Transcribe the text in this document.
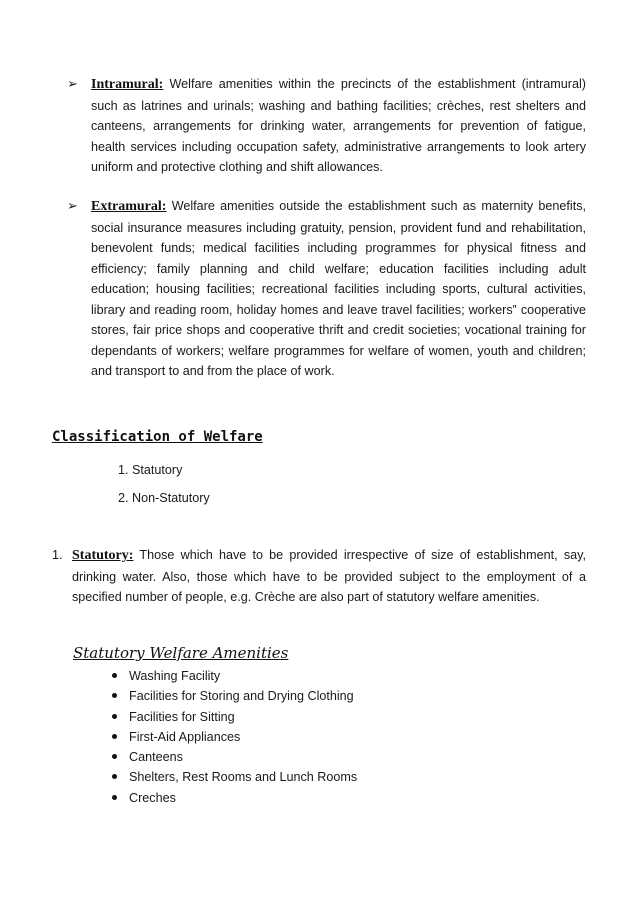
➢ Intramural: Welfare amenities within the precincts of the establishment (intramural) such as latrines and urinals; washing and bathing facilities; crèches, rest shelters and canteens, arrangements for drinking water, arrangements for prevention of fatigue, health services including occupation safety, administrative arrangements to look artery uniform and protective clothing and shift allowances.
➢ Extramural: Welfare amenities outside the establishment such as maternity benefits, social insurance measures including gratuity, pension, provident fund and rehabilitation, benevolent funds; medical facilities including programmes for physical fitness and efficiency; family planning and child welfare; education facilities including adult education; housing facilities; recreational facilities including sports, cultural activities, library and reading room, holiday homes and leave travel facilities; workers‟ cooperative stores, fair price shops and cooperative thrift and credit societies; vocational training for dependants of workers; welfare programmes for welfare of women, youth and children; and transport to and from the place of work.
Classification of Welfare
1. Statutory
2. Non-Statutory
1. Statutory: Those which have to be provided irrespective of size of establishment, say, drinking water. Also, those which have to be provided subject to the employment of a specified number of people, e.g. Crèche are also part of statutory welfare amenities.
Statutory Welfare Amenities
Washing Facility
Facilities for Storing and Drying Clothing
Facilities for Sitting
First-Aid Appliances
Canteens
Shelters, Rest Rooms and Lunch Rooms
Creches
